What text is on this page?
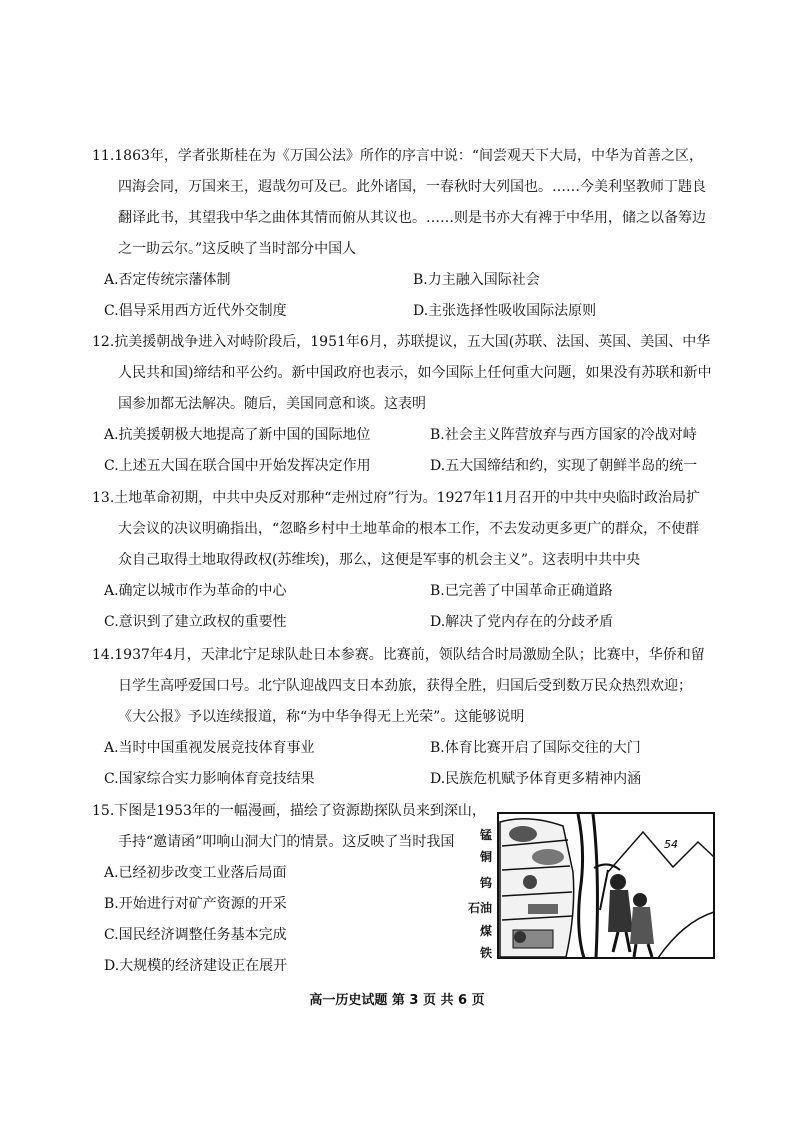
11.1863年，学者张斯桂在为《万国公法》所作的序言中说：“间尝观天下大局，中华为首善之区，四海会同，万国来王，遐哉勿可及已。此外诸国，一春秋时大列国也。……今美利坚教师丁韪良翻译此书，其望我中华之曲体其情而俯从其议也。……则是书亦大有裨于中华用，储之以备筹边之一助云尔。”这反映了当时部分中国人
A.否定传统宗藩体制	B.力主融入国际社会
C.倡导采用西方近代外交制度	D.主张选择性吸收国际法原则
12.抗美援朝战争进入对峙阶段后，1951年6月，苏联提议，五大国(苏联、法国、英国、美国、中华人民共和国)缔结和平公约。新中国政府也表示，如今国际上任何重大问题，如果没有苏联和新中国参加都无法解决。随后，美国同意和谈。这表明
A.抗美援朝极大地提高了新中国的国际地位	B.社会主义阵营放弃与西方国家的冷战对峙
C.上述五大国在联合国中开始发挥决定作用	D.五大国缔结和约，实现了朝鲜半岛的统一
13.土地革命初期，中共中央反对那种“走州过府”行为。1927年11月召开的中共中央临时政治局扩大会议的决议明确指出，“忽略乡村中土地革命的根本工作，不去发动更多更广的群众，不使群众自己取得土地取得政权(苏维埃)，那么，这便是军事的机会主义”。这表明中共中央
A.确定以城市作为革命的中心	B.已完善了中国革命正确道路
C.意识到了建立政权的重要性	D.解决了党内存在的分歧矛盾
14.1937年4月，天津北宁足球队赴日本参赛。比赛前，领队结合时局激励全队；比赛中，华侨和留日学生高呼爱国口号。北宁队迎战四支日本劲旅，获得全胜，归国后受到数万民众热烈欢迎；《大公报》予以连续报道，称“为中华争得无上光荣”。这能够说明
A.当时中国重视发展竞技体育事业	B.体育比赛开启了国际交往的大门
C.国家综合实力影响体育竞技结果	D.民族危机赋予体育更多精神内涵
15.下图是1953年的一幅漫画，描绘了资源勘探队员来到深山，手持“邀请函”叩响山洞大门的情景。这反映了当时我国
A.已经初步改变工业落后局面
B.开始进行对矿产资源的开采
C.国民经济调整任务基本完成
D.大规模的经济建设正在展开
54
锰
铜
钨
石油
煤
铁
高一历史试题 第 3 页 共 6 页
